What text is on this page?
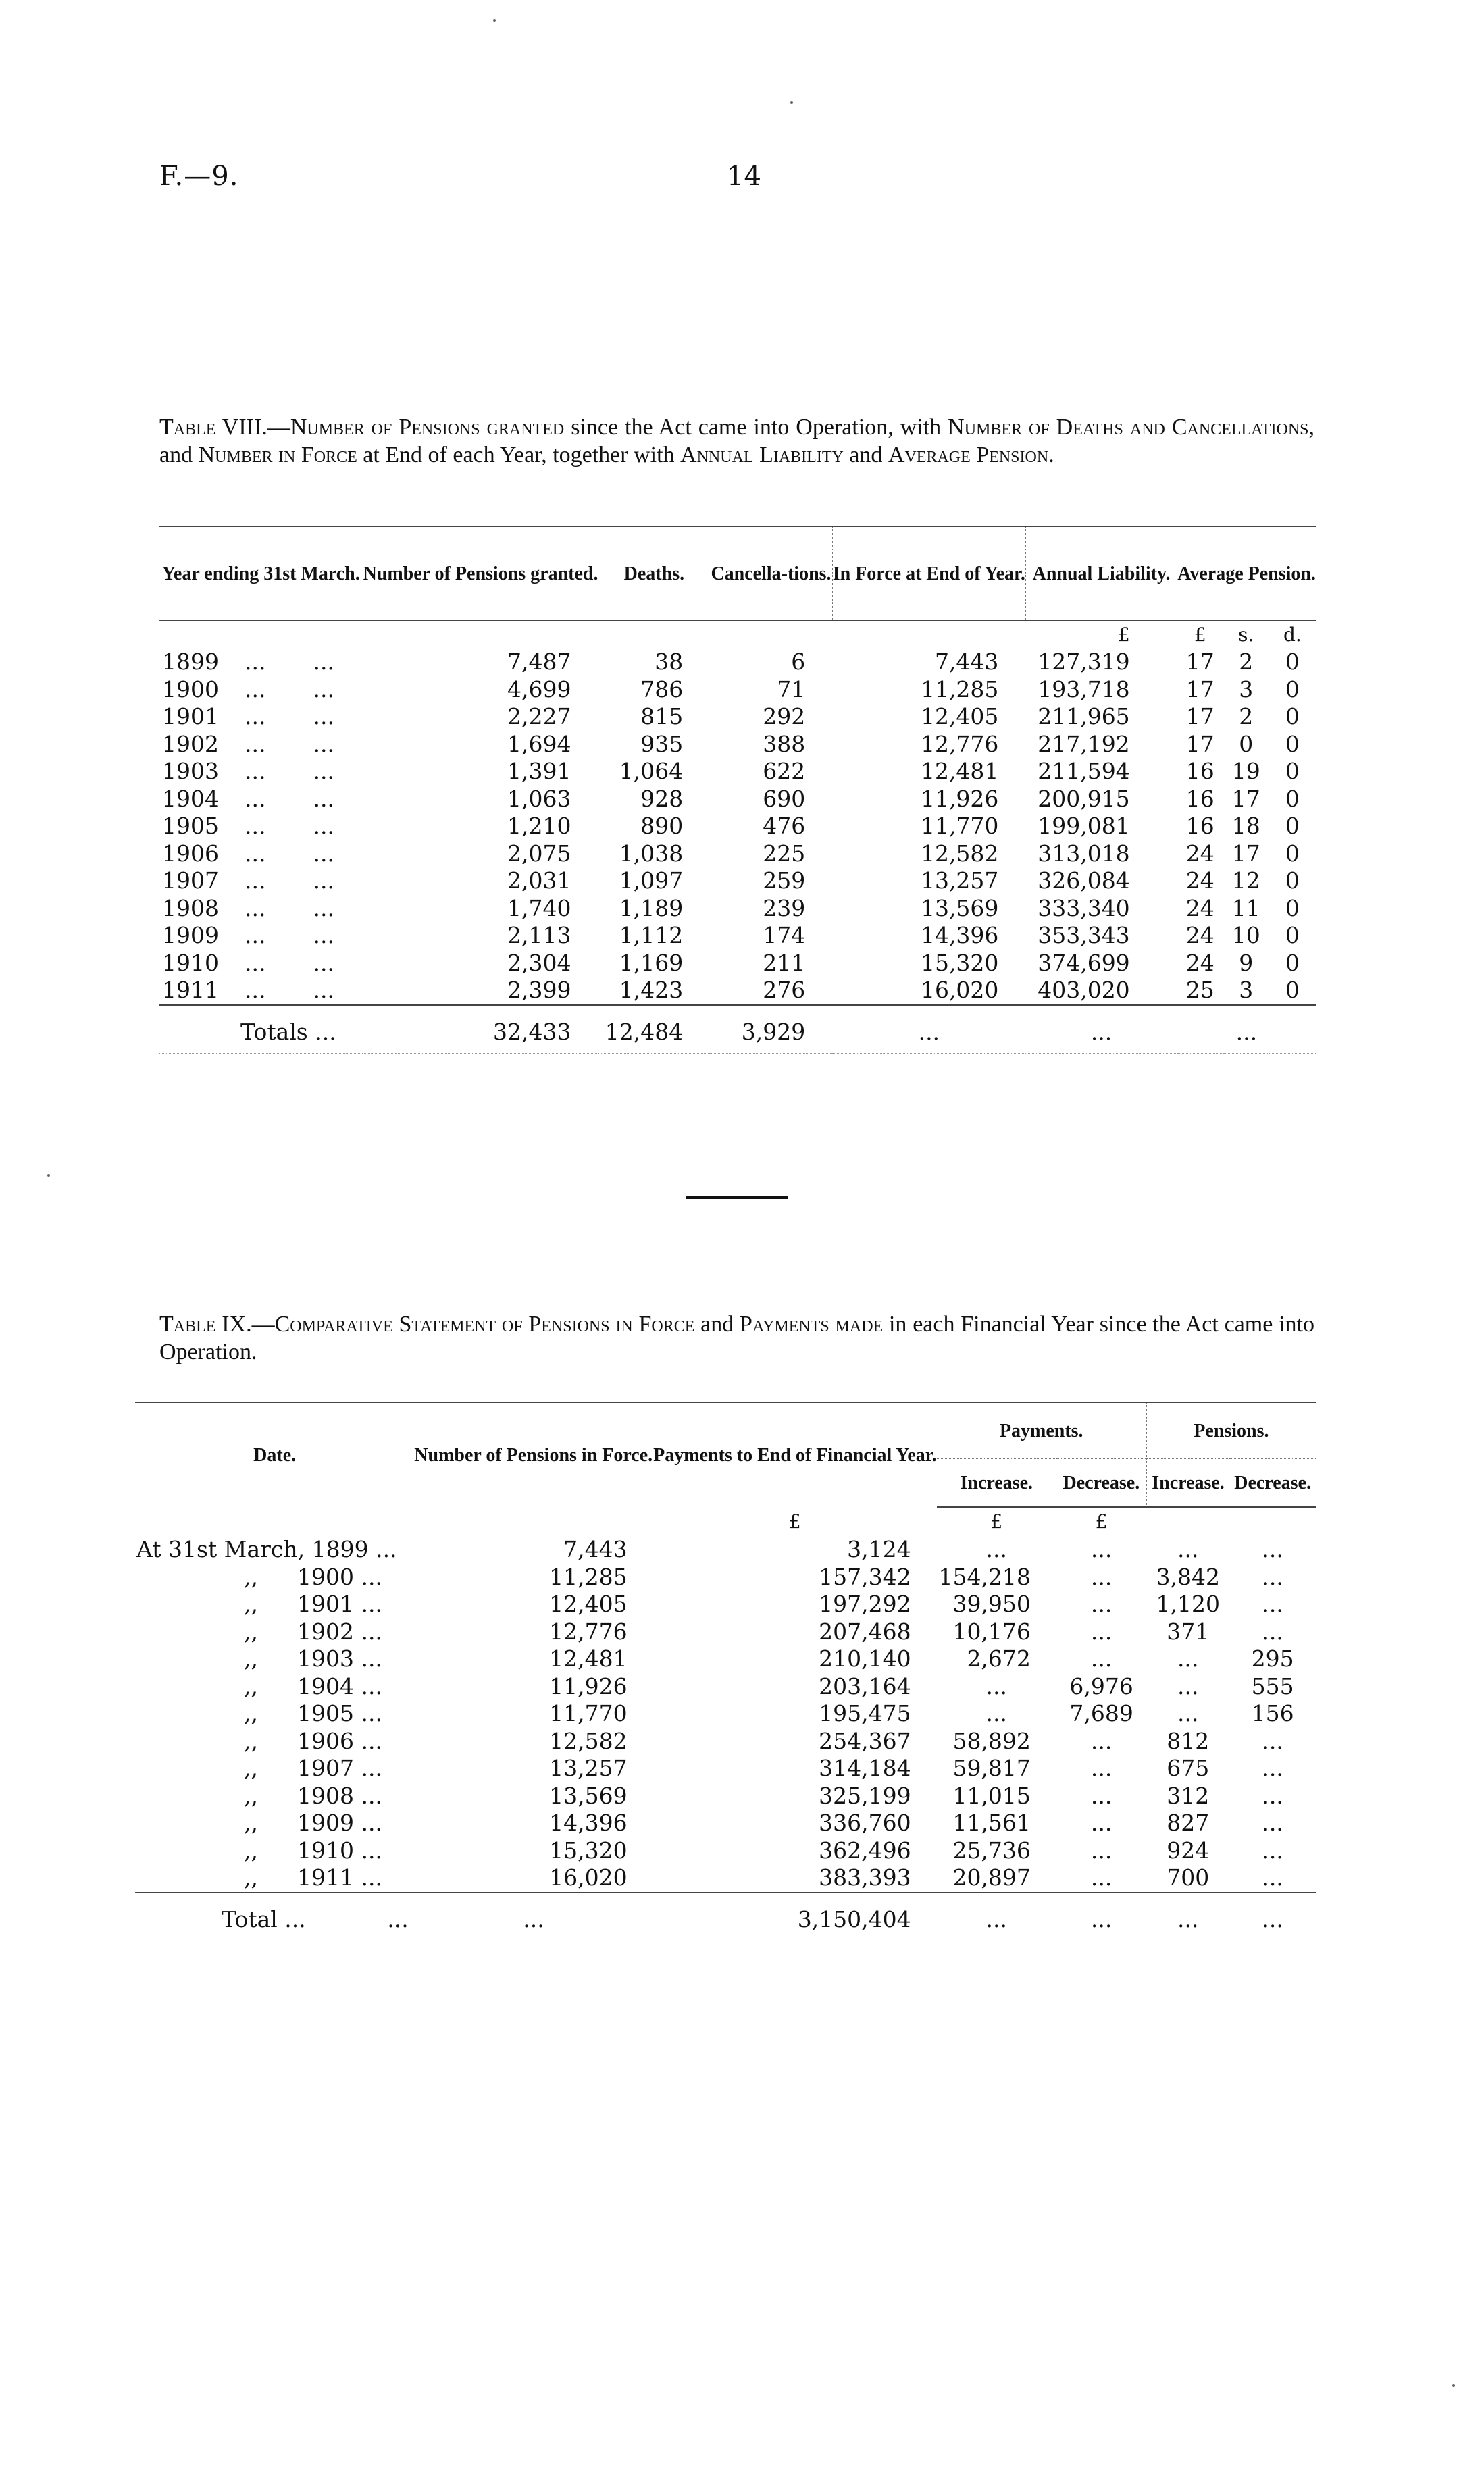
F.—9.	14
Table VIII.—Number of Pensions granted since the Act came into Operation, with Number of Deaths and Cancellations, and Number in Force at End of each Year, together with Annual Liability and Average Pension.
Year ending 31st March.	Number of Pensions granted.	Deaths.	Cancella-tions.	In Force at End of Year.	Annual Liability.	Average Pension.		
					£	£	s.	d.
1899 ... ...	7,487	38	6	7,443	127,319	17	2	0
1900 ... ...	4,699	786	71	11,285	193,718	17	3	0
1901 ... ...	2,227	815	292	12,405	211,965	17	2	0
1902 ... ...	1,694	935	388	12,776	217,192	17	0	0
1903 ... ...	1,391	1,064	622	12,481	211,594	16	19	0
1904 ... ...	1,063	928	690	11,926	200,915	16	17	0
1905 ... ...	1,210	890	476	11,770	199,081	16	18	0
1906 ... ...	2,075	1,038	225	12,582	313,018	24	17	0
1907 ... ...	2,031	1,097	259	13,257	326,084	24	12	0
1908 ... ...	1,740	1,189	239	13,569	333,340	24	11	0
1909 ... ...	2,113	1,112	174	14,396	353,343	24	10	0
1910 ... ...	2,304	1,169	211	15,320	374,699	24	9	0
1911 ... ...	2,399	1,423	276	16,020	403,020	25	3	0
Totals ...	32,433	12,484	3,929	...	...	...		
Table IX.—Comparative Statement of Pensions in Force and Payments made in each Financial Year since the Act came into Operation.
Date.	Number of Pensions in Force.	Payments to End of Financial Year.	Payments.		Pensions.	
			Increase.	Decrease.	Increase.	Decrease.
		£	£	£		
At 31st March, 1899 ...	7,443	3,124	...	...	...	...
,, 1900 ...	11,285	157,342	154,218	...	3,842	...
,, 1901 ...	12,405	197,292	39,950	...	1,120	...
,, 1902 ...	12,776	207,468	10,176	...	371	...
,, 1903 ...	12,481	210,140	2,672	...	...	295
,, 1904 ...	11,926	203,164	...	6,976	...	555
,, 1905 ...	11,770	195,475	...	7,689	...	156
,, 1906 ...	12,582	254,367	58,892	...	812	...
,, 1907 ...	13,257	314,184	59,817	...	675	...
,, 1908 ...	13,569	325,199	11,015	...	312	...
,, 1909 ...	14,396	336,760	11,561	...	827	...
,, 1910 ...	15,320	362,496	25,736	...	924	...
,, 1911 ...	16,020	383,393	20,897	...	700	...
Total ... ...	...	3,150,404	...	...	...	...
